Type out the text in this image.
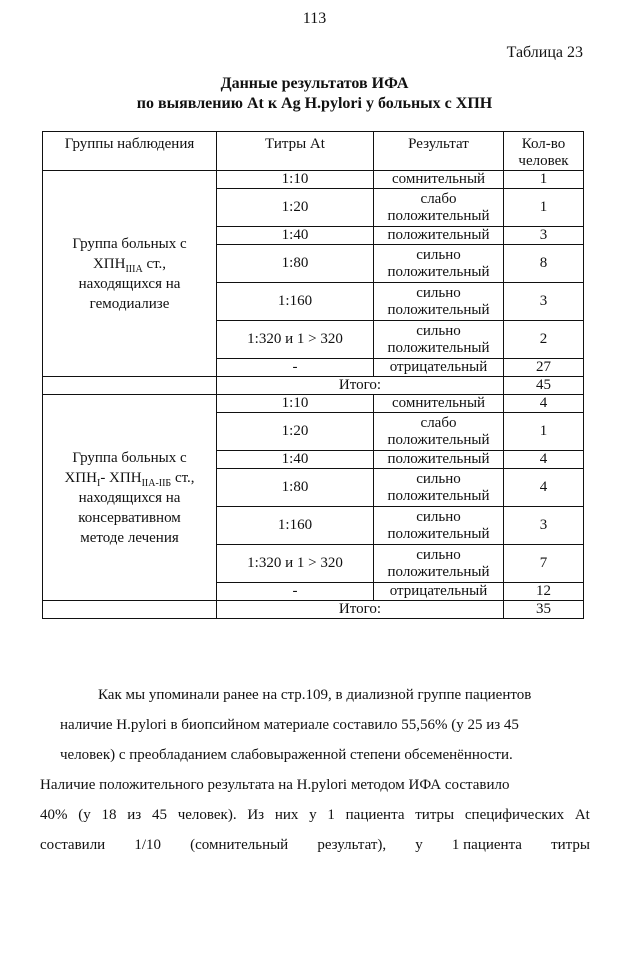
113
Таблица 23
Данные результатов ИФА
по выявлению At к Ag H.pylori у больных с ХПН
Группы наблюдения	Титры At	Результат	Кол-во человек

Группа больных с
$ХПН_{IIIА}$ ст.,
находящихся на
гемодиализе	1:10	сомнительный	1
	1:20	слабо
положительный	1
	1:40	положительный	3
	1:80	сильно
положительный	8
	1:160	сильно
положительный	3
	1:320 и 1 > 320	сильно
положительный	2
	-	отрицательный	27
	Итого:		45

Группа больных с
$ХПН_I-$ $ХПН_{IIА-IIБ}$ ст.,
находящихся на
консервативном
методе лечения	1:10	сомнительный	4
	1:20	слабо
положительный	1
	1:40	положительный	4
	1:80	сильно
положительный	4
	1:160	сильно
положительный	3
	1:320 и 1 > 320	сильно
положительный	7
	-	отрицательный	12
	Итого:		35
Как мы упоминали ранее на стр.109, в диализной группе пациентов
наличие H.pylori в биопсийном материале составило 55,56% (у 25 из 45
человек) с преобладанием слабовыраженной степени обсеменённости.
Наличие положительного результата на H.pylori методом ИФА составило
40% (у 18 из 45 человек). Из них у 1 пациента титры специфических At
составили 1/10 (сомнительный результат), у 1 пациента титры
